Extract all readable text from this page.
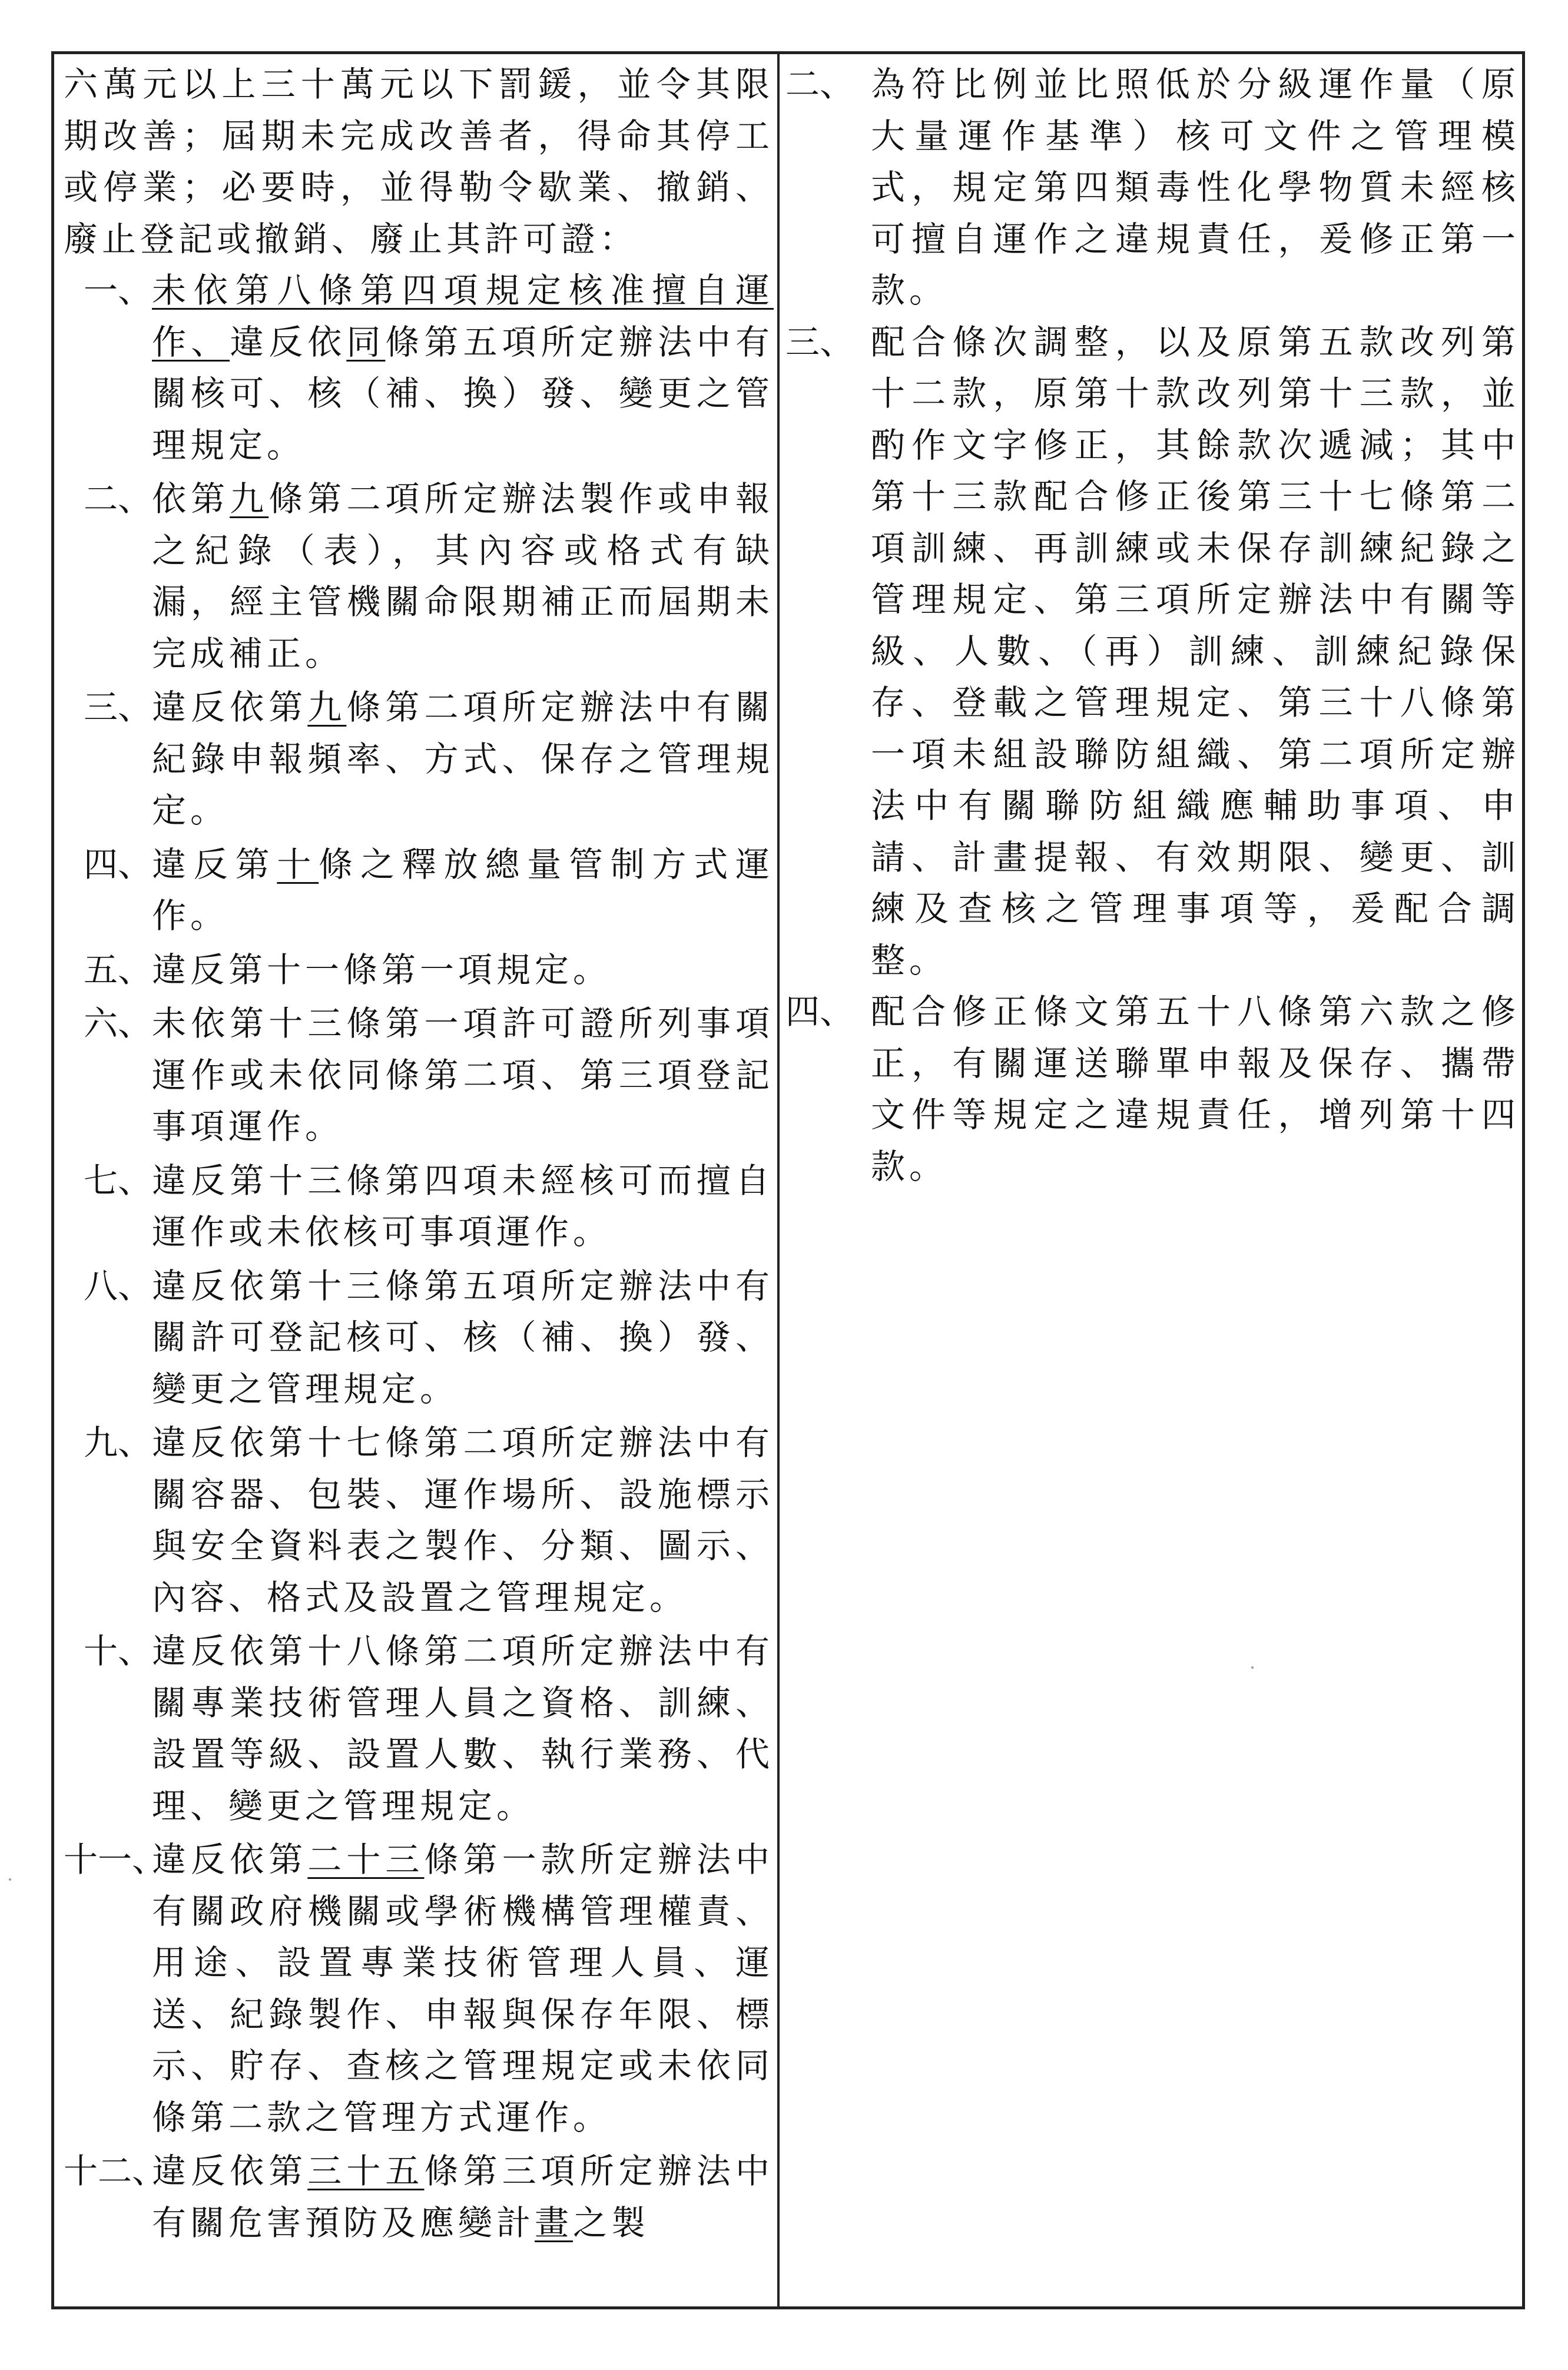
六萬元以上三十萬元以下罰鍰，並令其限期改善；屆期未完成改善者，得命其停工或停業；必要時，並得勒令歇業、撤銷、廢止登記或撤銷、廢止其許可證：

一、 未依第八條第四項規定核准擅自運作、違反依同條第五項所定辦法中有關核可、核（補、換）發、變更之管理規定。
二、 依第九條第二項所定辦法製作或申報之紀錄（表），其內容或格式有缺漏，經主管機關命限期補正而屆期未完成補正。
三、 違反依第九條第二項所定辦法中有關紀錄申報頻率、方式、保存之管理規定。
四、 違反第十條之釋放總量管制方式運作。
五、 違反第十一條第一項規定。
六、 未依第十三條第一項許可證所列事項運作或未依同條第二項、第三項登記事項運作。
七、 違反第十三條第四項未經核可而擅自運作或未依核可事項運作。
八、 違反依第十三條第五項所定辦法中有關許可登記核可、核（補、換）發、變更之管理規定。
九、 違反依第十七條第二項所定辦法中有關容器、包裝、運作場所、設施標示與安全資料表之製作、分類、圖示、內容、格式及設置之管理規定。
十、 違反依第十八條第二項所定辦法中有關專業技術管理人員之資格、訓練、設置等級、設置人數、執行業務、代理、變更之管理規定。
十一、
違反依第二十三條第一款所定辦法中有關政府機關或學術機構管理權責、用途、設置專業技術管理人員、運送、紀錄製作、申報與保存年限、標示、貯存、查核之管理規定或未依同條第二款之管理方式運作。
十二、
違反依第三十五條第三項所定辦法中有關危害預防及應變計畫之製
二、 為符比例並比照低於分級運作量（原大量運作基準）核可文件之管理模式，規定第四類毒性化學物質未經核可擅自運作之違規責任，爰修正第一款。
三、 配合條次調整，以及原第五款改列第十二款，原第十款改列第十三款，並酌作文字修正，其餘款次遞減；其中第十三款配合修正後第三十七條第二項訓練、再訓練或未保存訓練紀錄之管理規定、第三項所定辦法中有關等級、人數、（再）訓練、訓練紀錄保存、登載之管理規定、第三十八條第一項未組設聯防組織、第二項所定辦法中有關聯防組織應輔助事項、申請、計畫提報、有效期限、變更、訓練及查核之管理事項等，爰配合調整。
四、 配合修正條文第五十八條第六款之修正，有關運送聯單申報及保存、攜帶文件等規定之違規責任，增列第十四款。
